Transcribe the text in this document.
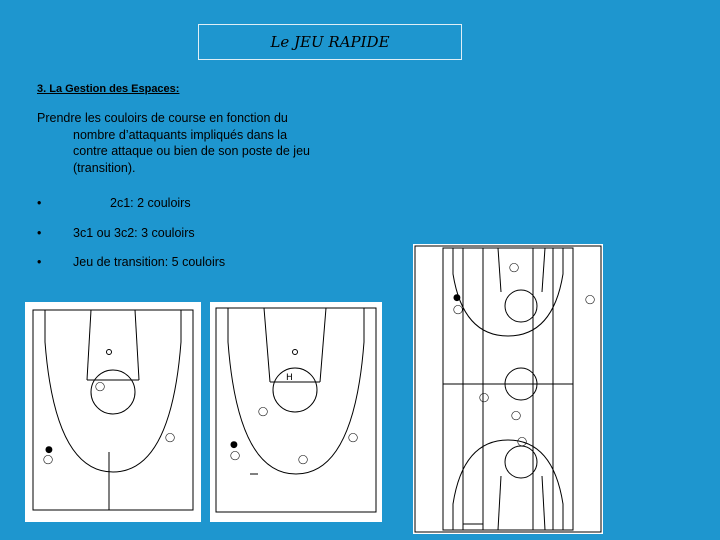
Le JEU RAPIDE
3. La Gestion des Espaces:
Prendre les couloirs de course en fonction du
nombre d’attaquants impliqués dans la
contre attaque ou bien de son poste de jeu
(transition).
•	2c1: 2 couloirs
•	3c1 ou 3c2: 3 couloirs
•	Jeu de transition: 5 couloirs
◯
●
◯
◯
H
◯
●
◯
◯
◯
◯
●
◯
◯
◯
◯
◯
